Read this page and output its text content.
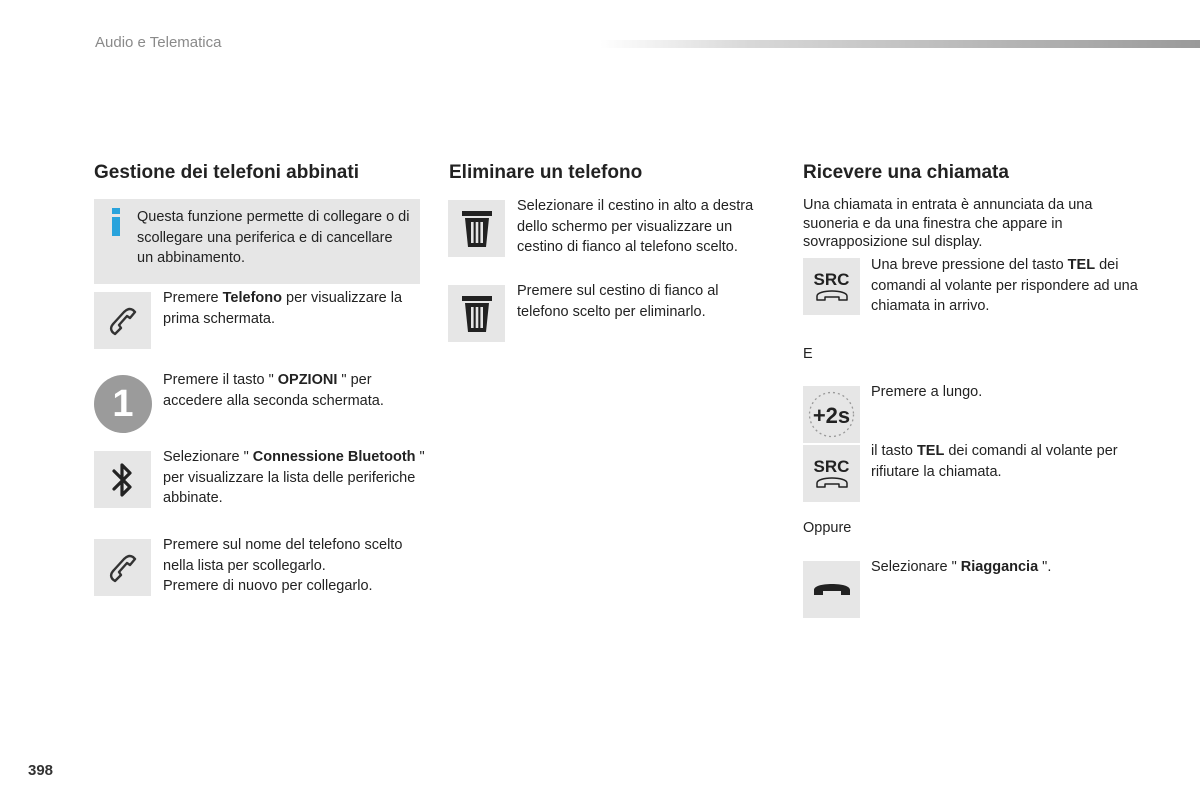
Audio e Telematica
Gestione dei telefoni abbinati
Questa funzione permette di collegare o di scollegare una periferica e di cancellare un abbinamento.
Premere Telefono per visualizzare la prima schermata.
1
Premere il tasto " OPZIONI " per accedere alla seconda schermata.
Selezionare " Connessione Bluetooth " per visualizzare la lista delle periferiche abbinate.
Premere sul nome del telefono scelto nella lista per scollegarlo.
Premere di nuovo per collegarlo.
Eliminare un telefono
Selezionare il cestino in alto a destra dello schermo per visualizzare un cestino di fianco al telefono scelto.
Premere sul cestino di fianco al telefono scelto per eliminarlo.
Ricevere una chiamata
Una chiamata in entrata è annunciata da una suoneria e da una finestra che appare in sovrapposizione sul display.
SRC
Una breve pressione del tasto TEL dei comandi al volante per rispondere ad una chiamata in arrivo.
E
+2s
Premere a lungo.
SRC
il tasto TEL dei comandi al volante per rifiutare la chiamata.
Oppure
Selezionare " Riaggancia ".
398
